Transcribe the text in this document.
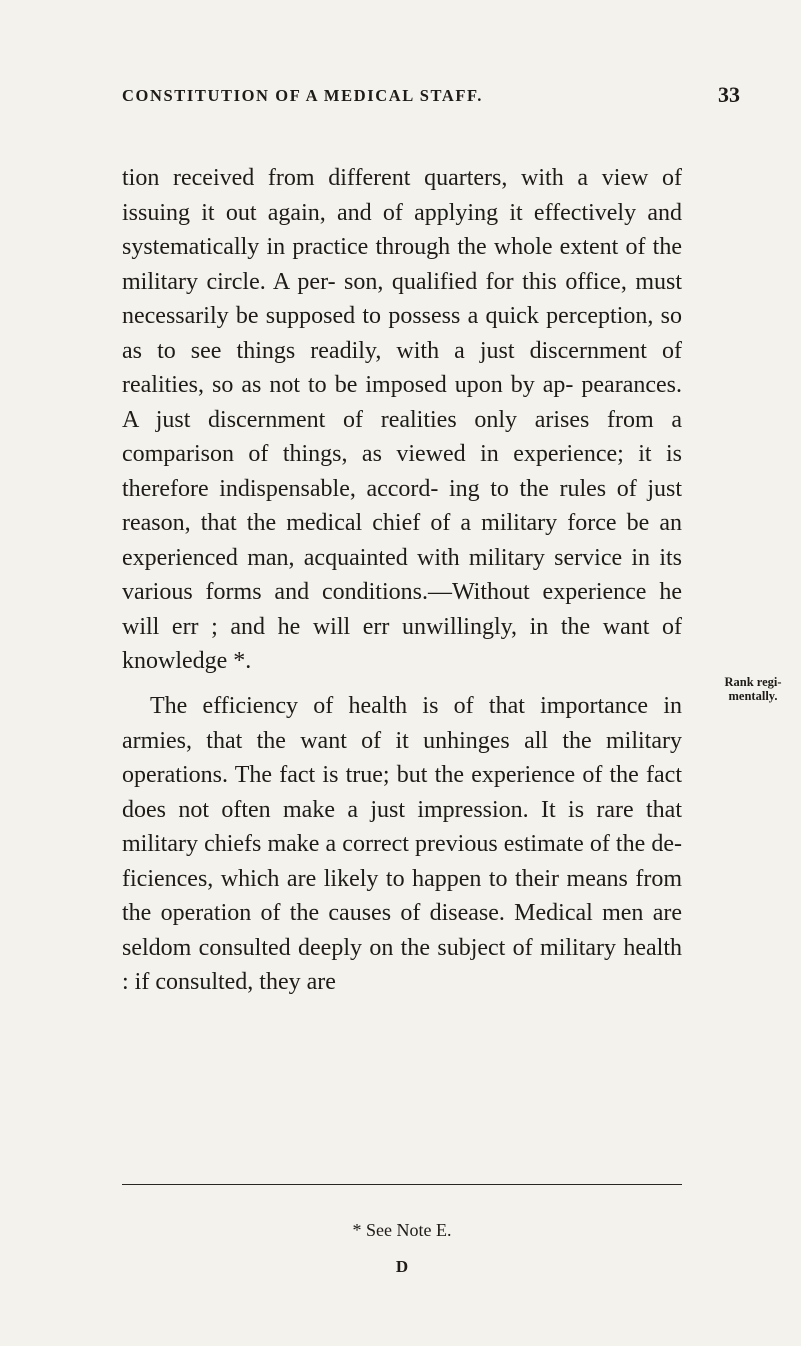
CONSTITUTION OF A MEDICAL STAFF.	33

tion received from different quarters, with a view of issuing it out again, and of applying it effectively and systematically in practice through the whole extent of the military circle. A per- son, qualified for this office, must necessarily be supposed to possess a quick perception, so as to see things readily, with a just discernment of realities, so as not to be imposed upon by ap- pearances. A just discernment of realities only arises from a comparison of things, as viewed in experience; it is therefore indispensable, accord- ing to the rules of just reason, that the medical chief of a military force be an experienced man, acquainted with military service in its various forms and conditions.—Without experience he will err ; and he will err unwillingly, in the want of knowledge *.

Rank regi- mentally.

The efficiency of health is of that importance in armies, that the want of it unhinges all the military operations. The fact is true; but the experience of the fact does not often make a just impression. It is rare that military chiefs make a correct previous estimate of the de- ficiences, which are likely to happen to their means from the operation of the causes of disease. Medical men are seldom consulted deeply on the subject of military health : if consulted, they are

* See Note E.
D
